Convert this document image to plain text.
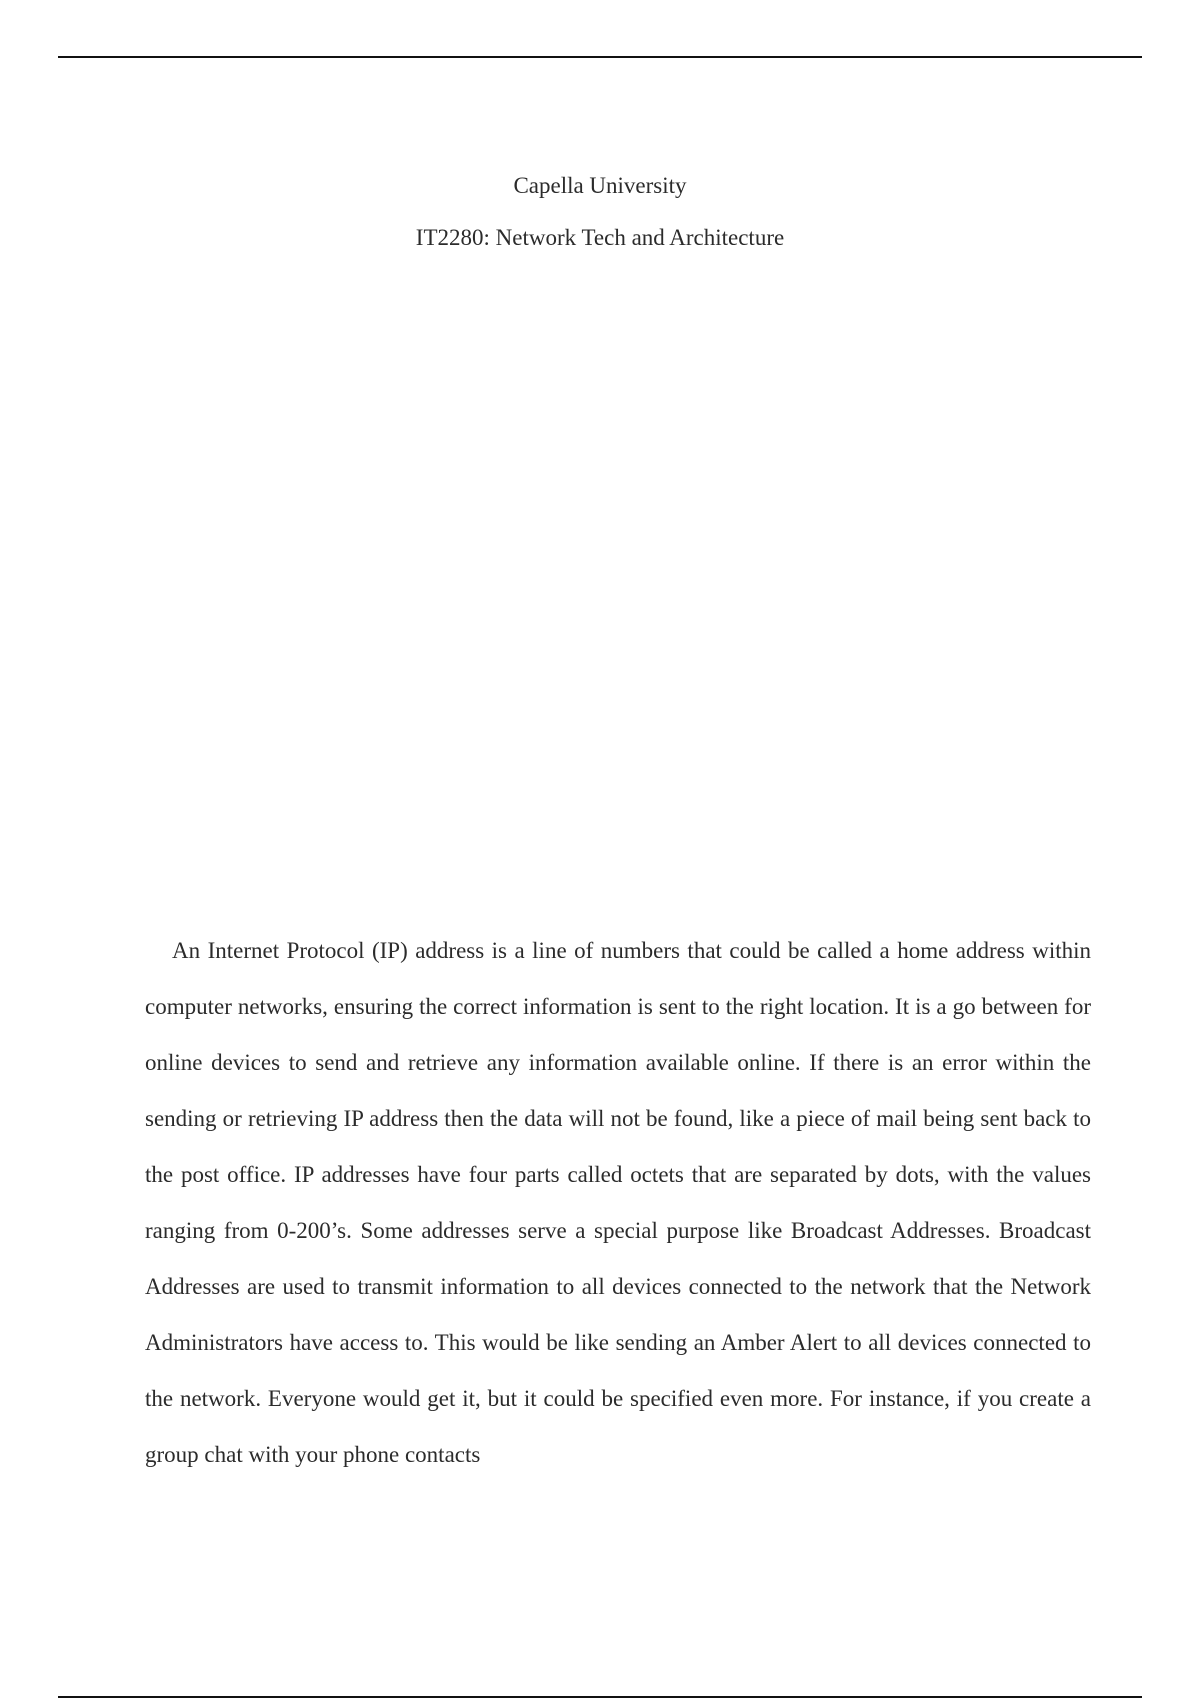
Capella University

IT2280: Network Tech and Architecture

An Internet Protocol (IP) address is a line of numbers that could be called a home address within computer networks, ensuring the correct information is sent to the right location. It is a go between for online devices to send and retrieve any information available online. If there is an error within the sending or retrieving IP address then the data will not be found, like a piece of mail being sent back to the post office. IP addresses have four parts called octets that are separated by dots, with the values ranging from 0-200’s. Some addresses serve a special purpose like Broadcast Addresses. Broadcast Addresses are used to transmit information to all devices connected to the network that the Network Administrators have access to. This would be like sending an Amber Alert to all devices connected to the network. Everyone would get it, but it could be specified even more. For instance, if you create a group chat with your phone contacts
